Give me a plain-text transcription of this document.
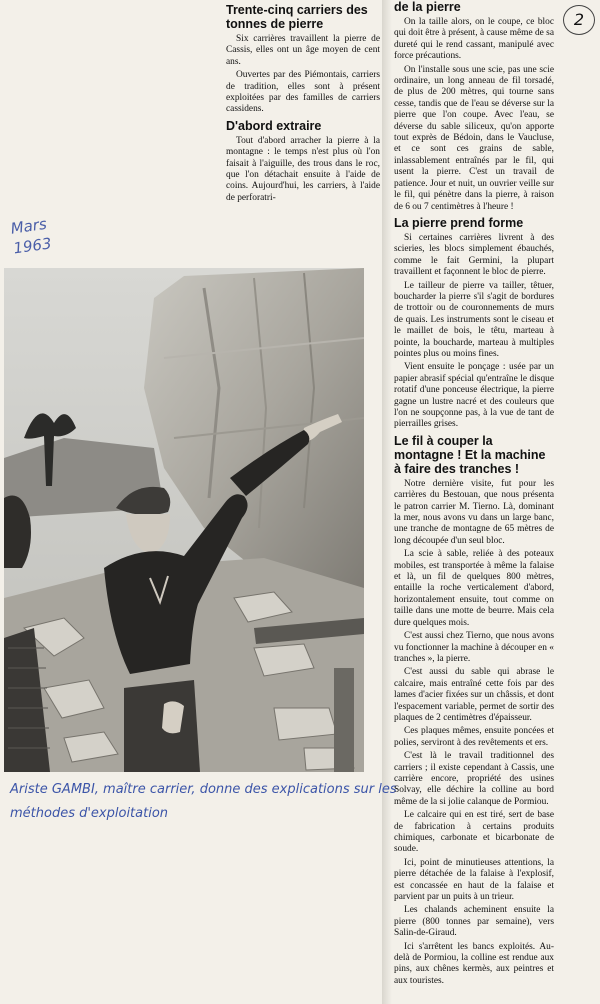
Mars
1963
2
Trente-cinq carriers des tonnes de pierre

Six carrières travaillent la pierre de Cassis, elles ont un âge moyen de cent ans.

Ouvertes par des Piémontais, carriers de tradition, elles sont à présent exploitées par des familles de carriers cassidens.

D'abord extraire

Tout d'abord arracher la pierre à la montagne : le temps n'est plus où l'on faisait à l'aiguille, des trous dans le roc, que l'on détachait ensuite à l'aide de coins. Aujourd'hui, les carriers, à l'aide de perforatri-

Ariste GAMBI, maître carrier, donne des explications sur les méthodes d'exploitation
de la pierre

On la taille alors, on le coupe, ce bloc qui doit être à présent, à cause même de sa dureté qui le rend cassant, manipulé avec force précautions.

On l'installe sous une scie, pas une scie ordinaire, un long anneau de fil torsadé, de plus de 200 mètres, qui tourne sans cesse, tandis que de l'eau se déverse sur la pierre que l'on coupe. Avec l'eau, se déverse du sable siliceux, qu'on apporte tout exprès de Bédoin, dans le Vaucluse, et ce sont ces grains de sable, inlassablement entraînés par le fil, qui usent la pierre. C'est un travail de patience. Jour et nuit, un ouvrier veille sur le fil, qui pénètre dans la pierre, à raison de 6 ou 7 centimètres à l'heure !

La pierre prend forme

Si certaines carrières livrent à des scieries, les blocs simplement ébauchés, comme le fait Germini, la plupart travaillent et façonnent le bloc de pierre.

Le tailleur de pierre va tailler, têtuer, boucharder la pierre s'il s'agit de bordures de trottoir ou de couronnements de murs de quais. Les instruments sont le ciseau et le maillet de bois, le têtu, marteau à pointe, la boucharde, marteau à multiples pointes plus ou moins fines.

Vient ensuite le ponçage : usée par un papier abrasif spécial qu'entraîne le disque rotatif d'une ponceuse électrique, la pierre gagne un lustre nacré et des couleurs que l'on ne soupçonne pas, à la vue de tant de pierrailles grises.

Le fil à couper la montagne ! Et la machine à faire des tranches !

Notre dernière visite, fut pour les carrières du Bestouan, que nous présenta le patron carrier M. Tierno. Là, dominant la mer, nous avons vu dans un large banc, une tranche de montagne de 65 mètres de long découpée d'un seul bloc.

La scie à sable, reliée à des poteaux mobiles, est transportée à même la falaise et là, un fil de quelques 800 mètres, entaille la roche verticalement d'abord, horizontalement ensuite, tout comme on taille dans une motte de beurre. Mais cela dure quelques mois.

C'est aussi chez Tierno, que nous avons vu fonctionner la machine à découper en « tranches », la pierre.

C'est aussi du sable qui abrase le calcaire, mais entraîné cette fois par des lames d'acier fixées sur un châssis, et dont l'espacement variable, permet de sortir des plaques de 2 centimètres d'épaisseur.

Ces plaques mêmes, ensuite poncées et polies, serviront à des revêtements et ers.

C'est là le travail traditionnel des carriers ; il existe cependant à Cassis, une carrière encore, propriété des usines Solvay, elle déchire la colline au bord même de la si jolie calanque de Pormiou.

Le calcaire qui en est tiré, sert de base de fabrication à certains produits chimiques, carbonate et bicarbonate de soude.

Ici, point de minutieuses attentions, la pierre détachée de la falaise à l'explosif, est concassée en haut de la falaise et parvient par un puits à un trieur.

Les chalands acheminent ensuite la pierre (800 tonnes par semaine), vers Salin-de-Giraud.

Ici s'arrêtent les bancs exploités. Au-delà de Pormiou, la colline est rendue aux pins, aux chênes kermès, aux peintres et aux touristes.
